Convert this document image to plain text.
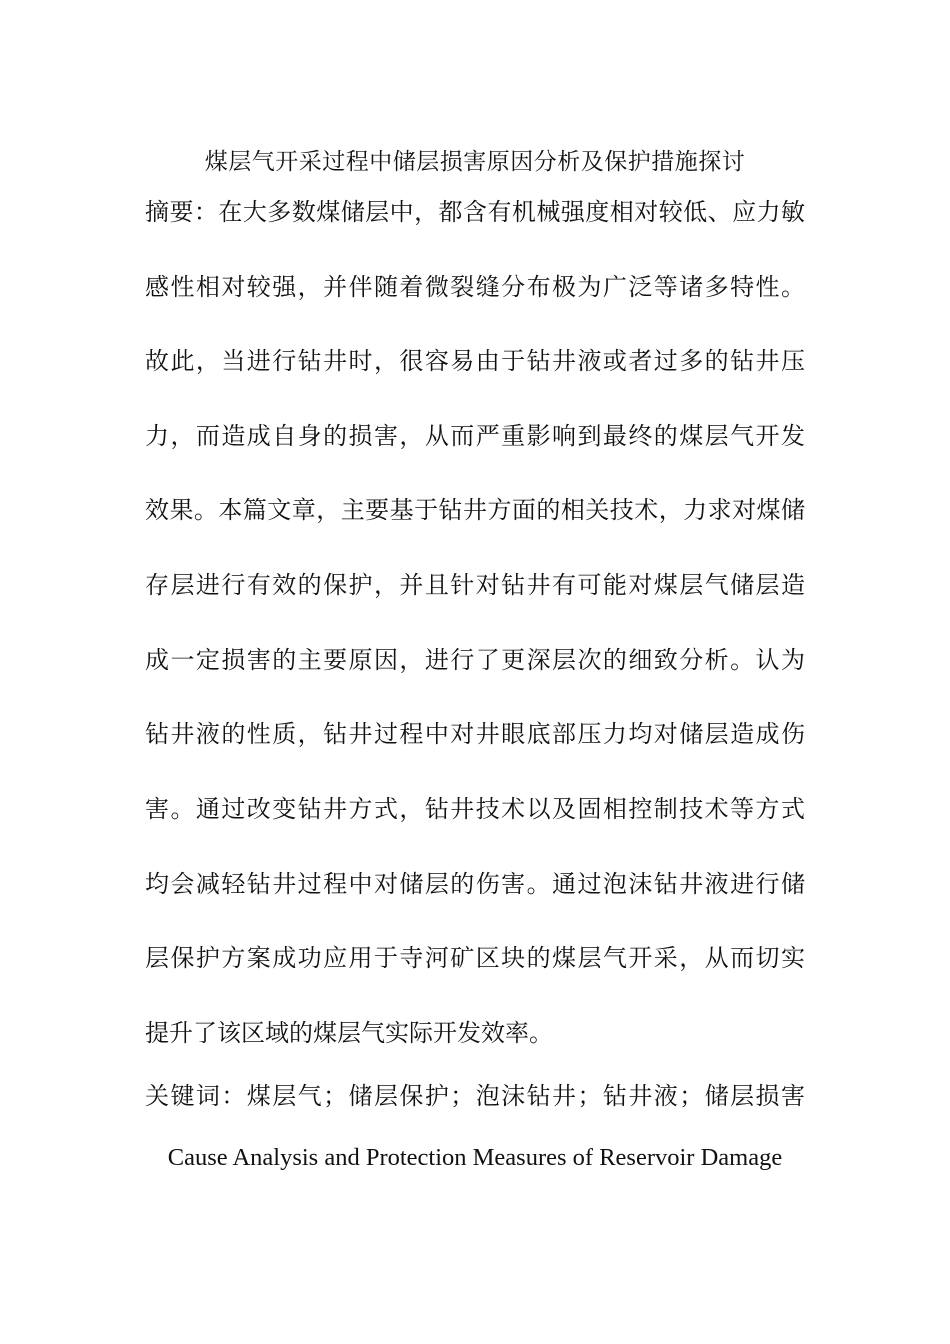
煤层气开采过程中储层损害原因分析及保护措施探讨
摘要：在大多数煤储层中，都含有机械强度相对较低、应力敏
感性相对较强，并伴随着微裂缝分布极为广泛等诸多特性。
故此，当进行钻井时，很容易由于钻井液或者过多的钻井压
力，而造成自身的损害，从而严重影响到最终的煤层气开发
效果。本篇文章，主要基于钻井方面的相关技术，力求对煤储
存层进行有效的保护，并且针对钻井有可能对煤层气储层造
成一定损害的主要原因，进行了更深层次的细致分析。认为
钻井液的性质，钻井过程中对井眼底部压力均对储层造成伤
害。通过改变钻井方式，钻井技术以及固相控制技术等方式
均会减轻钻井过程中对储层的伤害。通过泡沫钻井液进行储
层保护方案成功应用于寺河矿区块的煤层气开采，从而切实
提升了该区域的煤层气实际开发效率。
关键词：煤层气；储层保护；泡沫钻井；钻井液；储层损害
Cause Analysis and Protection Measures of Reservoir Damage
